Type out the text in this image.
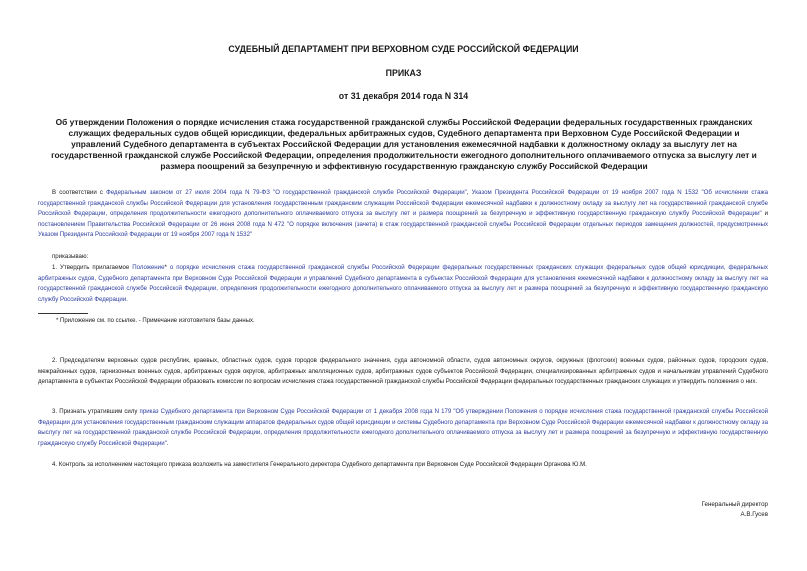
СУДЕБНЫЙ ДЕПАРТАМЕНТ ПРИ ВЕРХОВНОМ СУДЕ РОССИЙСКОЙ ФЕДЕРАЦИИ
ПРИКАЗ
от 31 декабря 2014 года N 314
Об утверждении Положения о порядке исчисления стажа государственной гражданской службы Российской Федерации федеральных государственных гражданских служащих федеральных судов общей юрисдикции, федеральных арбитражных судов, Судебного департамента при Верховном Суде Российской Федерации и управлений Судебного департамента в субъектах Российской Федерации для установления ежемесячной надбавки к должностному окладу за выслугу лет на государственной гражданской службе Российской Федерации, определения продолжительности ежегодного дополнительного оплачиваемого отпуска за выслугу лет и размера поощрений за безупречную и эффективную государственную гражданскую службу Российской Федерации
В соответствии с Федеральным законом от 27 июля 2004 года N 79-ФЗ "О государственной гражданской службе Российской Федерации", Указом Президента Российской Федерации от 19 ноября 2007 года N 1532 "Об исчислении стажа государственной гражданской службы Российской Федерации для установления государственным гражданским служащим Российской Федерации ежемесячной надбавки к должностному окладу за выслугу лет на государственной гражданской службе Российской Федерации, определения продолжительности ежегодного дополнительного оплачиваемого отпуска за выслугу лет и размера поощрений за безупречную и эффективную государственную гражданскую службу Российской Федерации" и постановлением Правительства Российской Федерации от 26 июня 2008 года N 472 "О порядке включения (зачета) в стаж государственной гражданской службы Российской Федерации отдельных периодов замещения должностей, предусмотренных Указом Президента Российской Федерации от 19 ноября 2007 года N 1532"
приказываю:
1. Утвердить прилагаемое Положение* о порядке исчисления стажа государственной гражданской службы Российской Федерации федеральных государственных гражданских служащих федеральных судов общей юрисдикции, федеральных арбитражных судов, Судебного департамента при Верховном Суде Российской Федерации и управлений Судебного департамента в субъектах Российской Федерации для установления ежемесячной надбавки к должностному окладу за выслугу лет на государственной гражданской службе Российской Федерации, определения продолжительности ежегодного дополнительного оплачиваемого отпуска за выслугу лет и размера поощрений за безупречную и эффективную государственную гражданскую службу Российской Федерации.
* Приложение см. по ссылке. - Примечание изготовителя базы данных.
2. Председателям верховных судов республик, краевых, областных судов, судов городов федерального значения, суда автономной области, судов автономных округов, окружных (флотских) военных судов, районных судов, городских судов, межрайонных судов, гарнизонных военных судов, арбитражных судов округов, арбитражных апелляционных судов, арбитражных судов субъектов Российской Федерации, специализированных арбитражных судов и начальникам управлений Судебного департамента в субъектах Российской Федерации образовать комиссии по вопросам исчисления стажа государственной гражданской службы Российской Федерации федеральных государственных гражданских служащих и утвердить положения о них.
3. Признать утратившим силу приказ Судебного департамента при Верховном Суде Российской Федерации от 1 декабря 2008 года N 179 "Об утверждении Положения о порядке исчисления стажа государственной гражданской службы Российской Федерации для установления государственным гражданским служащим аппаратов федеральных судов общей юрисдикции и системы Судебного департамента при Верховном Суде Российской Федерации ежемесячной надбавки к должностному окладу за выслугу лет на государственной гражданской службе Российской Федерации, определения продолжительности ежегодного дополнительного оплачиваемого отпуска за выслугу лет и размера поощрений за безупречную и эффективную государственную гражданскую службу Российской Федерации".
4. Контроль за исполнением настоящего приказа возложить на заместителя Генерального директора Судебного департамента при Верховном Суде Российской Федерации Органова Ю.М.
Генеральный директор
А.В.Гусев
